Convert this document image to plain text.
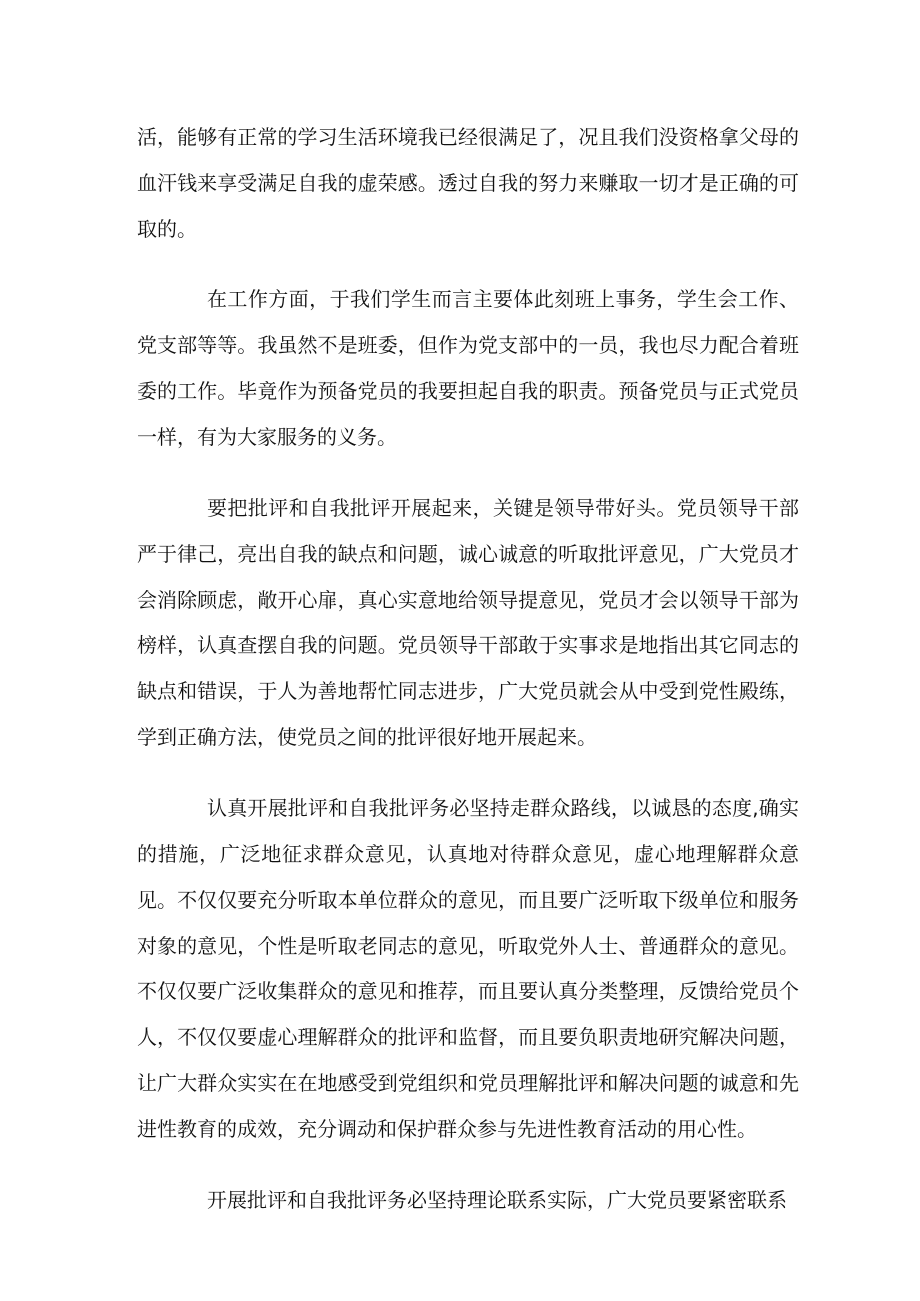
活，能够有正常的学习生活环境我已经很满足了，况且我们没资格拿父母的血汗钱来享受满足自我的虚荣感。透过自我的努力来赚取一切才是正确的可取的。

在工作方面，于我们学生而言主要体此刻班上事务，学生会工作、党支部等等。我虽然不是班委，但作为党支部中的一员，我也尽力配合着班委的工作。毕竟作为预备党员的我要担起自我的职责。预备党员与正式党员一样，有为大家服务的义务。

要把批评和自我批评开展起来，关键是领导带好头。党员领导干部严于律己，亮出自我的缺点和问题，诚心诚意的听取批评意见，广大党员才会消除顾虑，敞开心扉，真心实意地给领导提意见，党员才会以领导干部为榜样，认真查摆自我的问题。党员领导干部敢于实事求是地指出其它同志的缺点和错误，于人为善地帮忙同志进步，广大党员就会从中受到党性殿练，学到正确方法，使党员之间的批评很好地开展起来。

认真开展批评和自我批评务必坚持走群众路线，以诚恳的态度,确实的措施，广泛地征求群众意见，认真地对待群众意见，虚心地理解群众意见。不仅仅要充分听取本单位群众的意见，而且要广泛听取下级单位和服务对象的意见，个性是听取老同志的意见，听取党外人士、普通群众的意见。不仅仅要广泛收集群众的意见和推荐，而且要认真分类整理，反馈给党员个人，不仅仅要虚心理解群众的批评和监督，而且要负职责地研究解决问题，让广大群众实实在在地感受到党组织和党员理解批评和解决问题的诚意和先进性教育的成效，充分调动和保护群众参与先进性教育活动的用心性。

开展批评和自我批评务必坚持理论联系实际，广大党员要紧密联系
